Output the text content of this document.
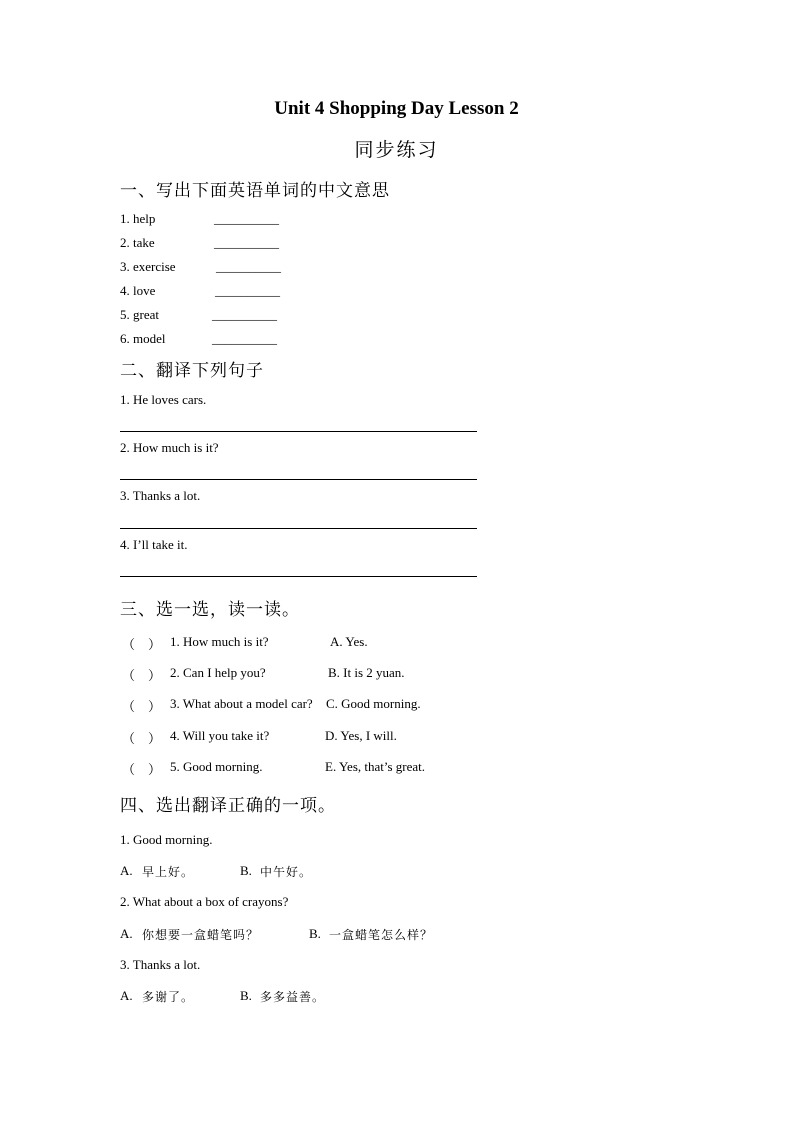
Unit 4 Shopping Day Lesson 2
同步练习
一、写出下面英语单词的中文意思
1. help	__________
2. take	__________
3. exercise	__________
4. love	__________
5. great	__________
6. model	__________
二、翻译下列句子
1. He loves cars.
2. How much is it?
3. Thanks a lot.
4. I’ll take it.
三、选一选，读一读。
（　） 1. How much is it?	A. Yes.
（　） 2. Can I help you?	B. It is 2 yuan.
（　） 3. What about a model car? C. Good morning.
（　） 4. Will you take it?	D. Yes, I will.
（　） 5. Good morning.	E. Yes, that’s great.
四、选出翻译正确的一项。
1. Good morning.
A. 早上好。	B. 中午好。
2. What about a box of crayons?
A. 你想要一盒蜡笔吗？	B. 一盒蜡笔怎么样？
3. Thanks a lot.
A. 多谢了。	B. 多多益善。
